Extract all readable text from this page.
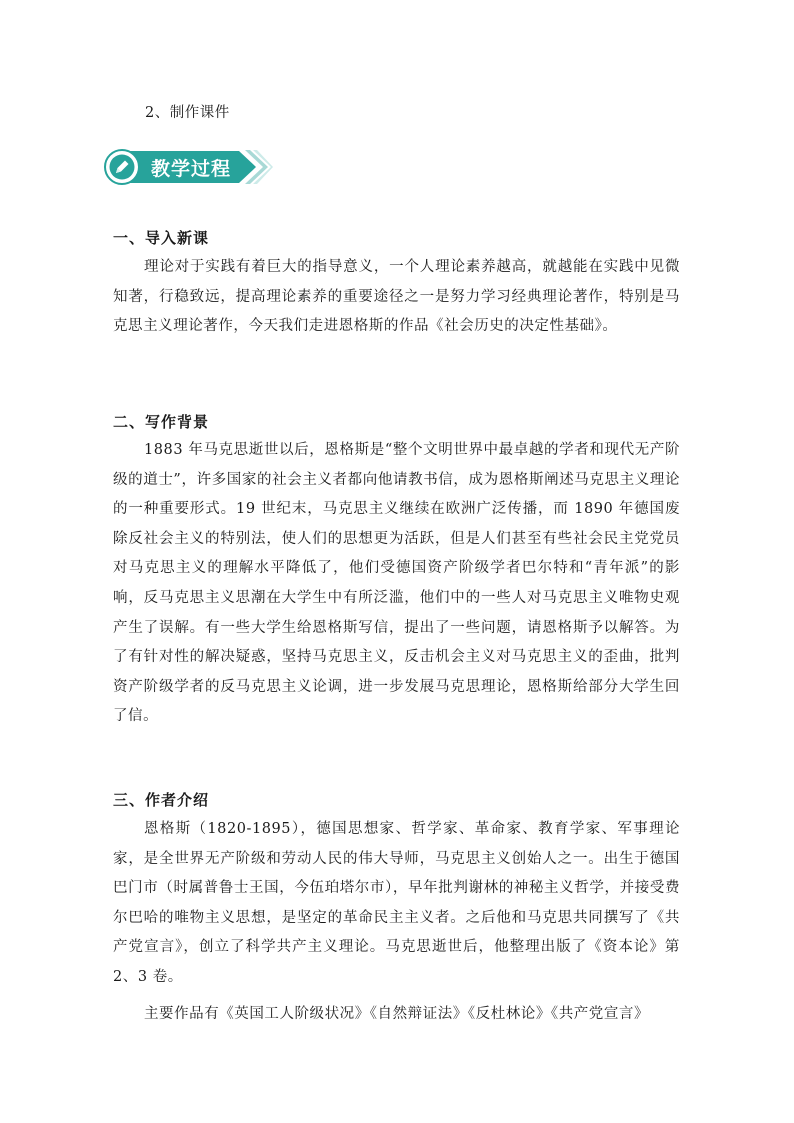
2、制作课件
教学过程
一、导入新课
理论对于实践有着巨大的指导意义，一个人理论素养越高，就越能在实践中见微知著，行稳致远，提高理论素养的重要途径之一是努力学习经典理论著作，特别是马克思主义理论著作，今天我们走进恩格斯的作品《社会历史的决定性基础》。
二、写作背景
1883 年马克思逝世以后，恩格斯是“整个文明世界中最卓越的学者和现代无产阶级的道士”，许多国家的社会主义者都向他请教书信，成为恩格斯阐述马克思主义理论的一种重要形式。19 世纪末，马克思主义继续在欧洲广泛传播，而 1890 年德国废除反社会主义的特别法，使人们的思想更为活跃，但是人们甚至有些社会民主党党员对马克思主义的理解水平降低了，他们受德国资产阶级学者巴尔特和“青年派”的影响，反马克思主义思潮在大学生中有所泛滥，他们中的一些人对马克思主义唯物史观产生了误解。有一些大学生给恩格斯写信，提出了一些问题，请恩格斯予以解答。为了有针对性的解决疑惑，坚持马克思主义，反击机会主义对马克思主义的歪曲，批判资产阶级学者的反马克思主义论调，进一步发展马克思理论，恩格斯给部分大学生回了信。
三、作者介绍
恩格斯（1820-1895），德国思想家、哲学家、革命家、教育学家、军事理论家，是全世界无产阶级和劳动人民的伟大导师，马克思主义创始人之一。出生于德国巴门市（时属普鲁士王国，今伍珀塔尔市），早年批判谢林的神秘主义哲学，并接受费尔巴哈的唯物主义思想，是坚定的革命民主主义者。之后他和马克思共同撰写了《共产党宣言》，创立了科学共产主义理论。马克思逝世后，他整理出版了《资本论》第 2、3 卷。
主要作品有《英国工人阶级状况》《自然辩证法》《反杜林论》《共产党宣言》
